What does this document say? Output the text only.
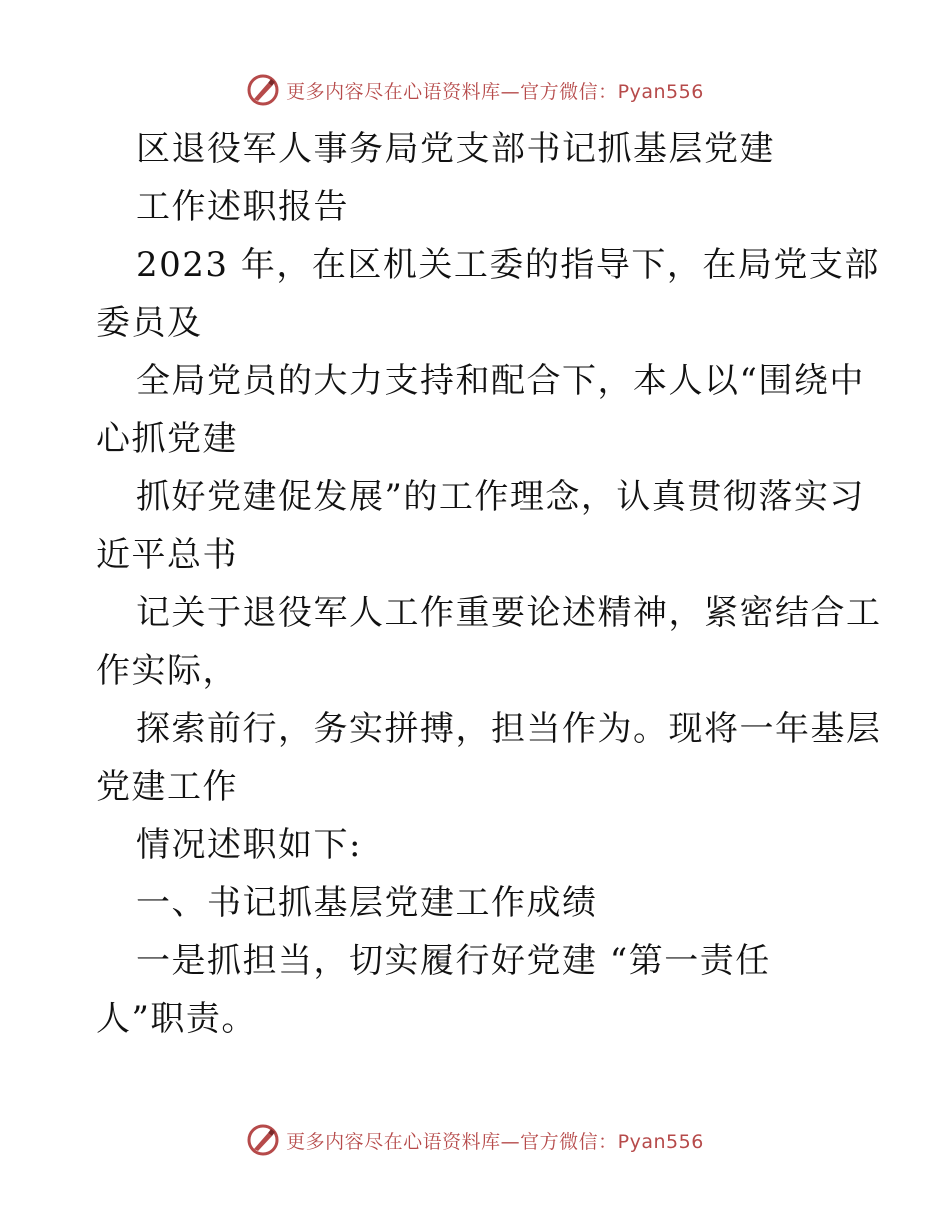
更多内容尽在心语资料库—官方微信：Pyan556

区退役军人事务局党支部书记抓基层党建

工作述职报告

2023 年，在区机关工委的指导下，在局党支部

委员及

全局党员的大力支持和配合下，本人以“围绕中

心抓党建

抓好党建促发展”的工作理念，认真贯彻落实习

近平总书

记关于退役军人工作重要论述精神，紧密结合工

作实际，

探索前行，务实拼搏，担当作为。现将一年基层

党建工作

情况述职如下:

一、书记抓基层党建工作成绩

一是抓担当，切实履行好党建 “第一责任

人”职责。

更多内容尽在心语资料库—官方微信：Pyan556
